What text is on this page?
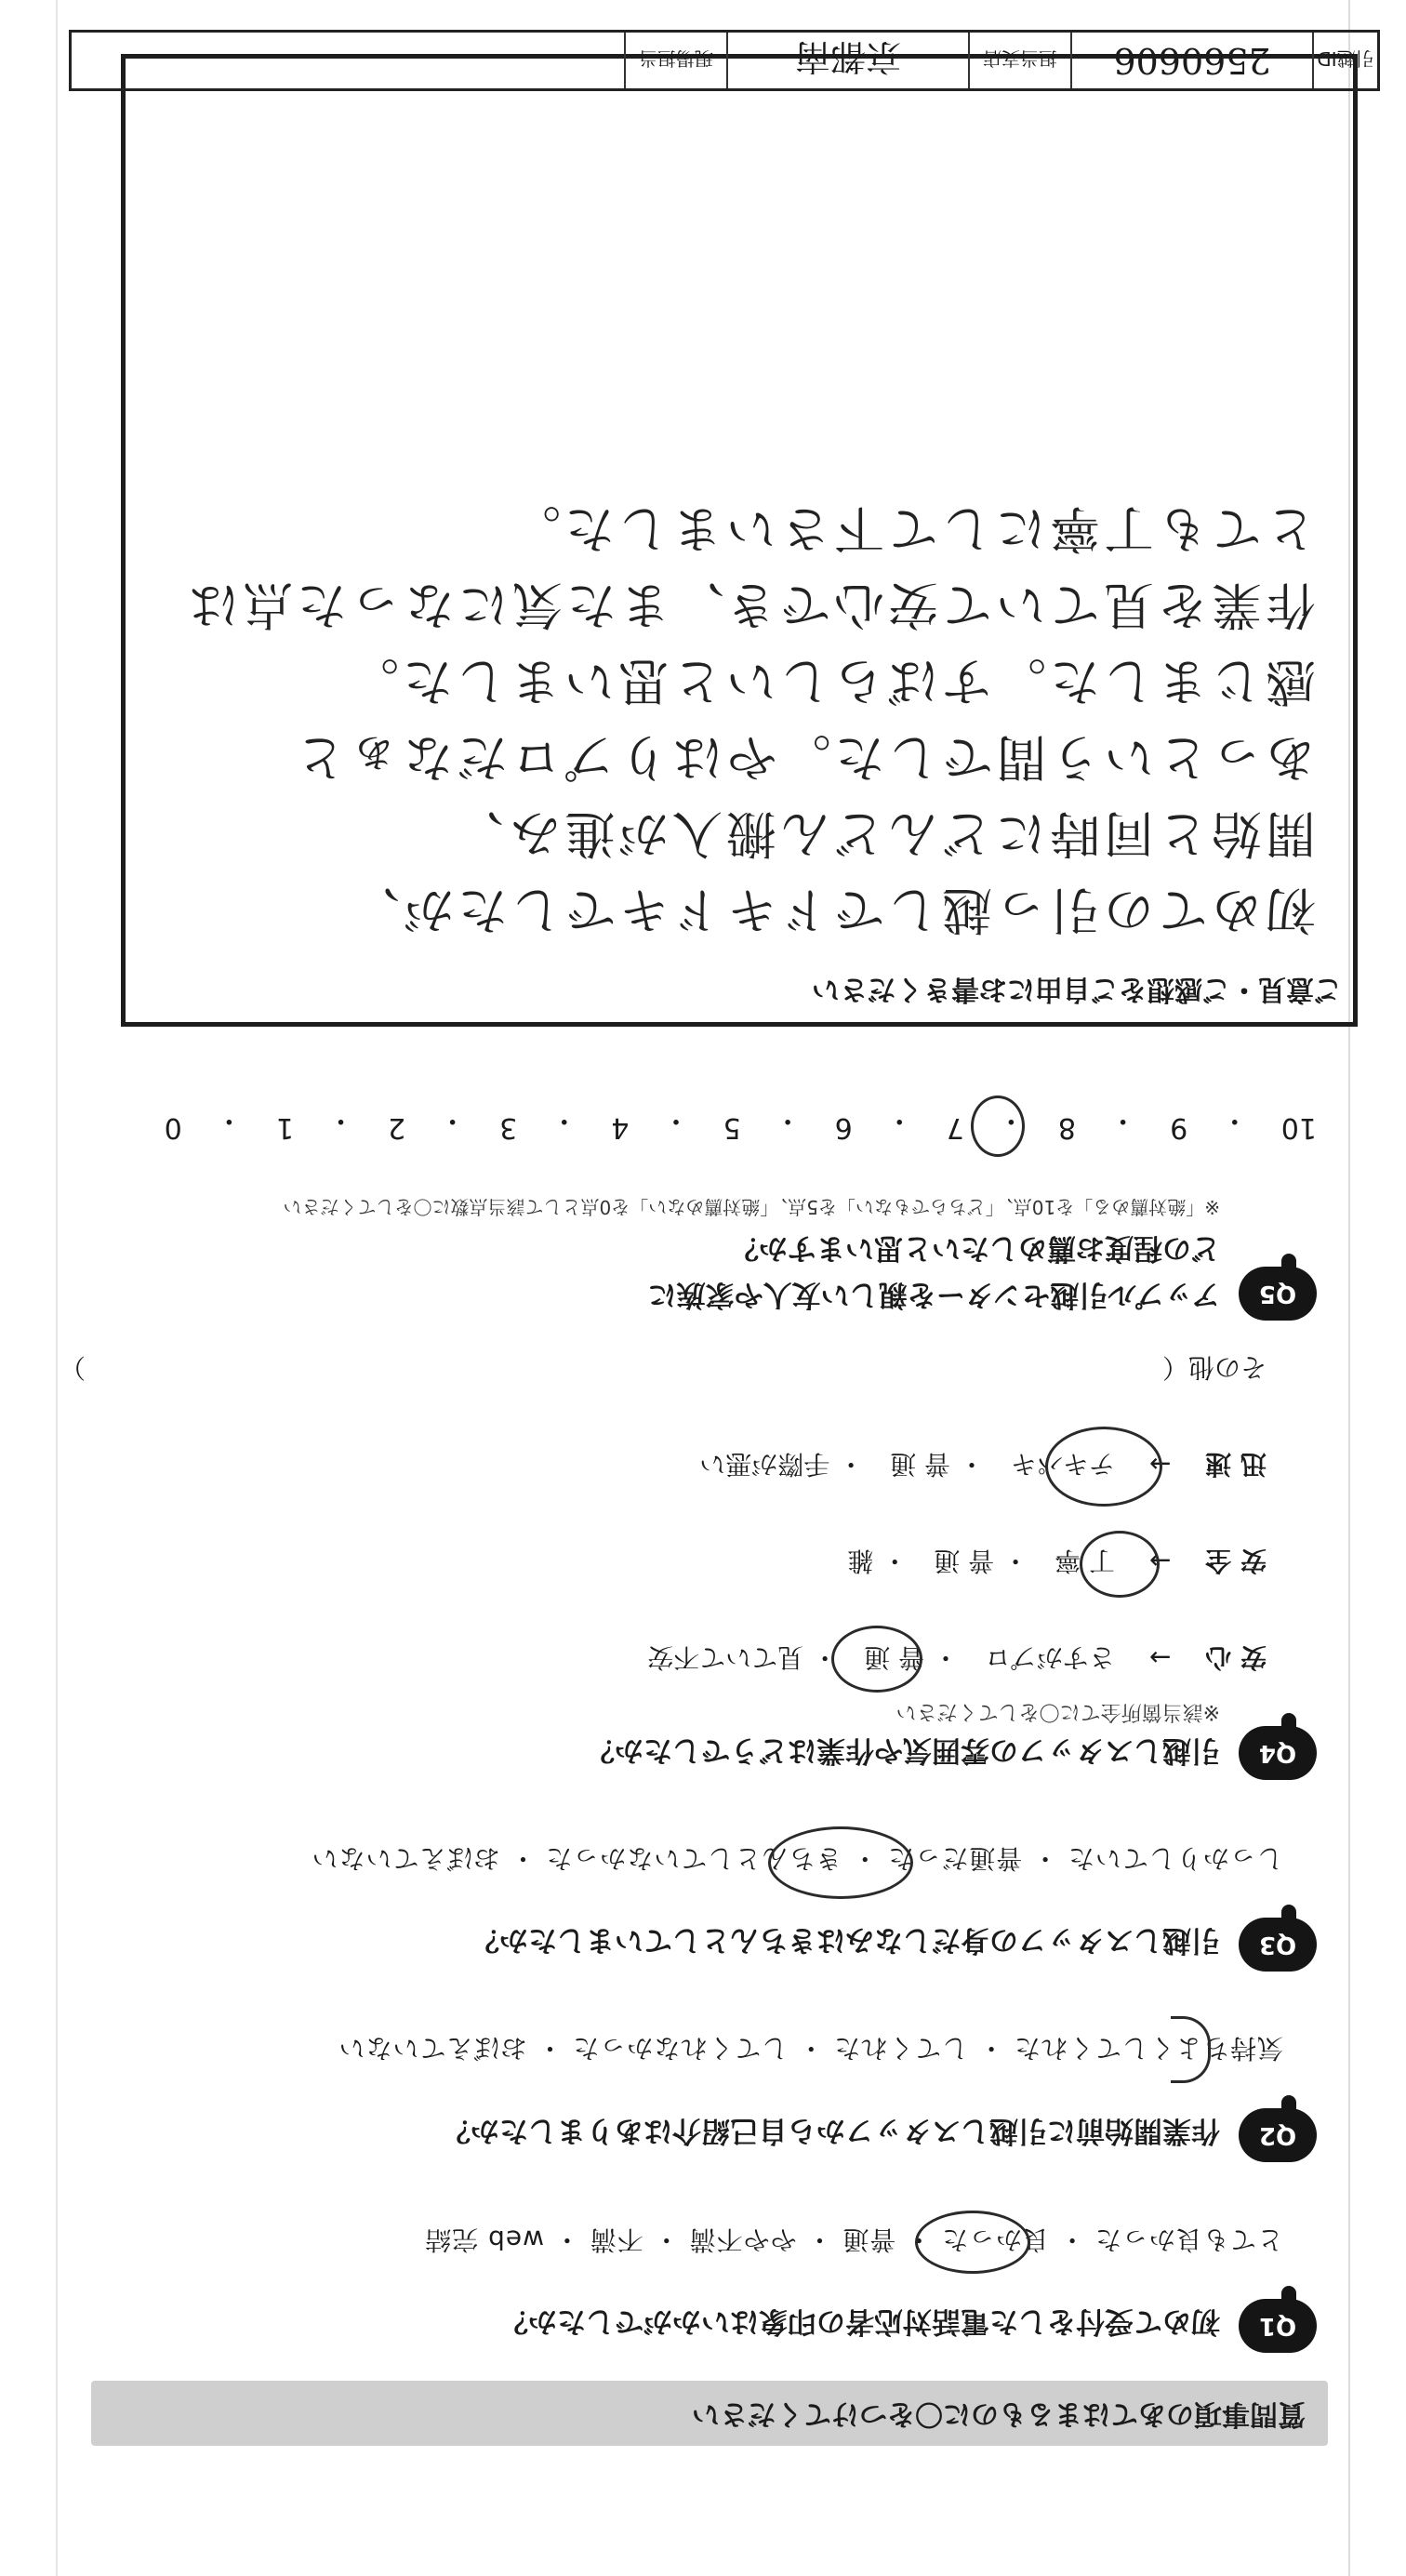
質問事項のあてはまるものに〇をつけてください
Q1
初めて受付をした電話対応者の印象はいかがでしたか？
とても良かった ・ 良かった ・ 普通 ・ やや不満 ・ 不満 ・ web 完結
Q2
作業開始前に引越しスタッフから自己紹介はありましたか？
気持ちよくしてくれた ・ してくれた ・ してくれなかった ・ おぼえていない
Q3
引越しスタッフの身だしなみはきちんとしていましたか？
しっかりしていた ・ 普通だった ・ きちんとしていなかった ・ おぼえていない
Q4
引越しスタッフの雰囲気や作業はどうでしたか？
※該当箇所全てに〇をしてください
安 心 → さすがプロ・ 普 通・ 見ていて不安
安 全 → 丁 寧・ 普 通・ 雑
迅 速 → テキパキ・ 普 通・ 手際が悪い
その他（
）
Q5
アップル引越センターを親しい友人や家族に
どの程度お薦めしたいと思いますか？
※「絶対薦める」を10点、「どちらでもない」を5点、「絶対薦めない」を0点として該当点数に〇をしてください
10
・
9
・
8
・
7
・
6
・
5
・
4
・
3
・
2
・
1
・
0
ご意見・ご感想をご自由にお書きください
初めての引っ越しでドキドキでしたが、
開始と同時にどんどん搬入が進み、
あっという間でした。やはりプロだなぁと
感じました。すばらしいと思いました。
作業を見ていて安心でき、また気になった点は
とても丁寧にして下さいました。
引越ID
2560606
担当支店
京都南
現場担当
